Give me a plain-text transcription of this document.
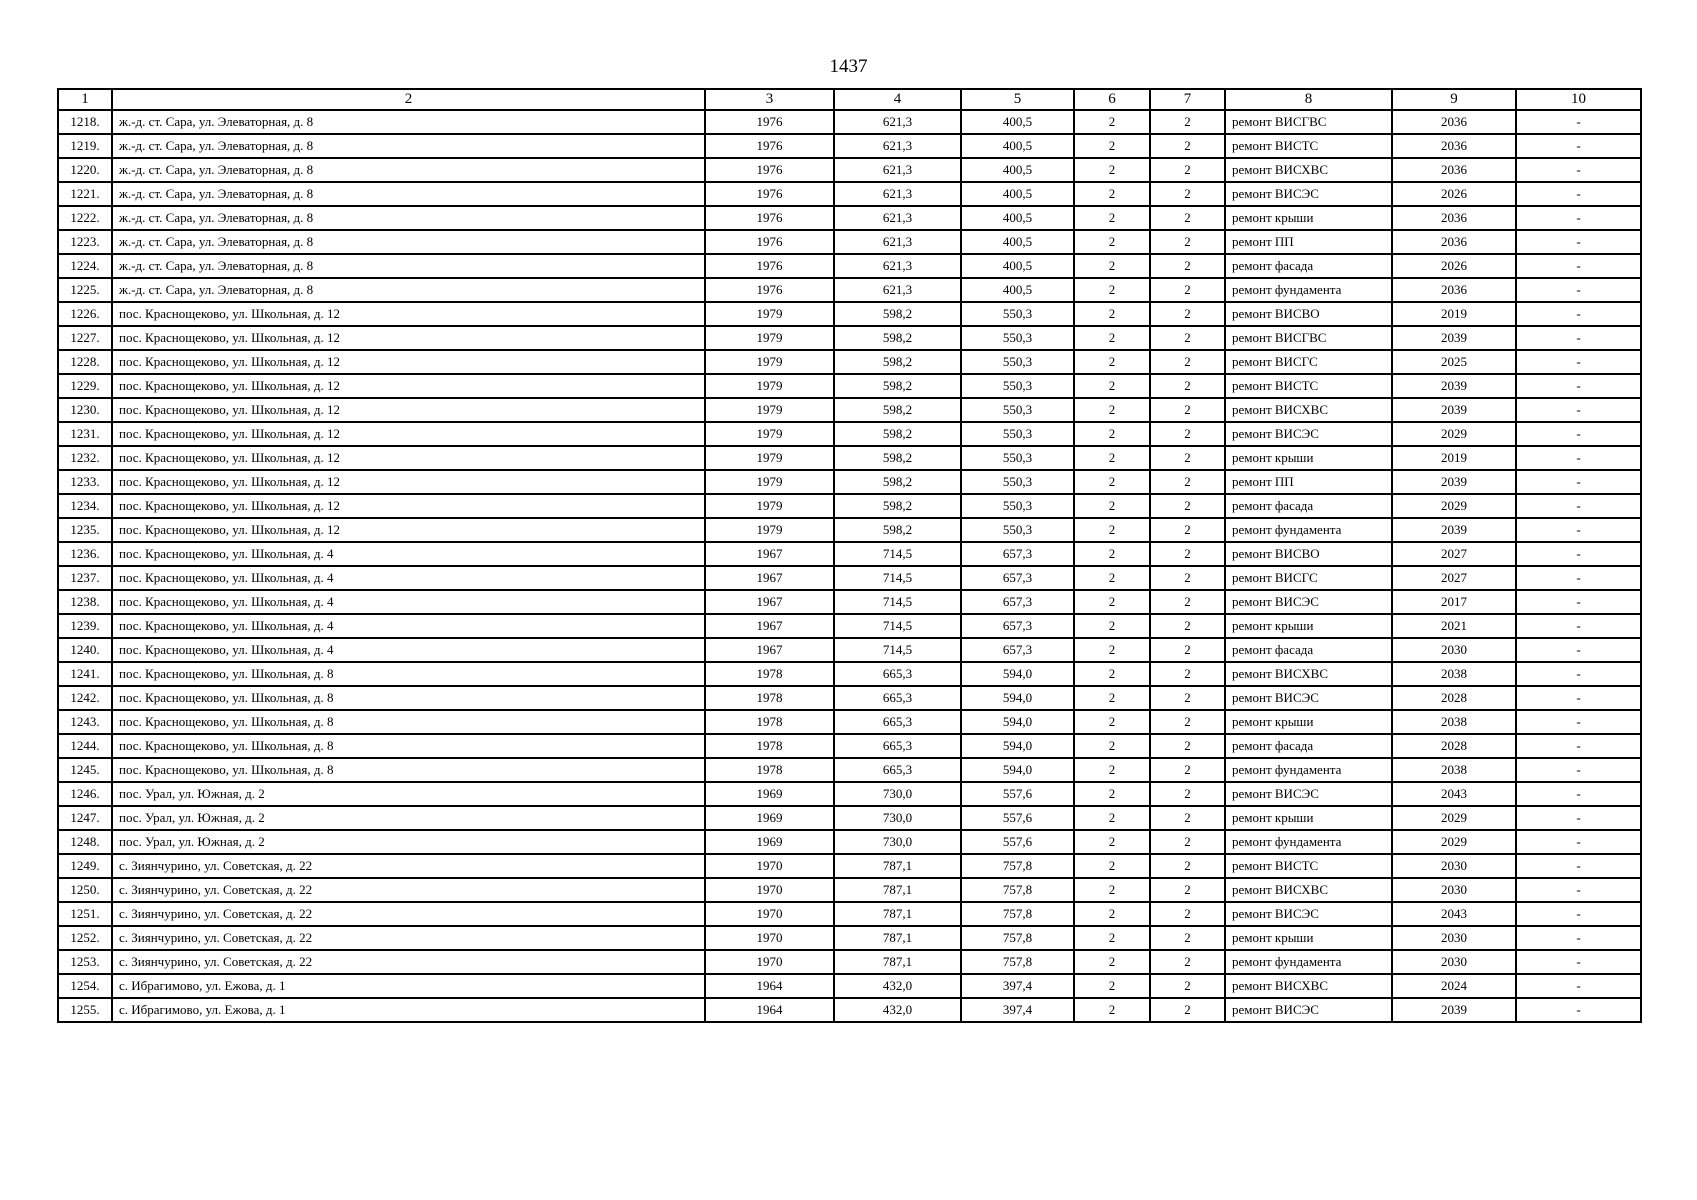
1437
1	2	3	4	5	6	7	8	9	10
1218.	ж.-д. ст. Сара, ул. Элеваторная, д. 8	1976	621,3	400,5	2	2	ремонт ВИСГВС	2036	-
1219.	ж.-д. ст. Сара, ул. Элеваторная, д. 8	1976	621,3	400,5	2	2	ремонт ВИСТС	2036	-
1220.	ж.-д. ст. Сара, ул. Элеваторная, д. 8	1976	621,3	400,5	2	2	ремонт ВИСХВС	2036	-
1221.	ж.-д. ст. Сара, ул. Элеваторная, д. 8	1976	621,3	400,5	2	2	ремонт ВИСЭС	2026	-
1222.	ж.-д. ст. Сара, ул. Элеваторная, д. 8	1976	621,3	400,5	2	2	ремонт крыши	2036	-
1223.	ж.-д. ст. Сара, ул. Элеваторная, д. 8	1976	621,3	400,5	2	2	ремонт ПП	2036	-
1224.	ж.-д. ст. Сара, ул. Элеваторная, д. 8	1976	621,3	400,5	2	2	ремонт фасада	2026	-
1225.	ж.-д. ст. Сара, ул. Элеваторная, д. 8	1976	621,3	400,5	2	2	ремонт фундамента	2036	-
1226.	пос. Краснощеково, ул. Школьная, д. 12	1979	598,2	550,3	2	2	ремонт ВИСВО	2019	-
1227.	пос. Краснощеково, ул. Школьная, д. 12	1979	598,2	550,3	2	2	ремонт ВИСГВС	2039	-
1228.	пос. Краснощеково, ул. Школьная, д. 12	1979	598,2	550,3	2	2	ремонт ВИСГС	2025	-
1229.	пос. Краснощеково, ул. Школьная, д. 12	1979	598,2	550,3	2	2	ремонт ВИСТС	2039	-
1230.	пос. Краснощеково, ул. Школьная, д. 12	1979	598,2	550,3	2	2	ремонт ВИСХВС	2039	-
1231.	пос. Краснощеково, ул. Школьная, д. 12	1979	598,2	550,3	2	2	ремонт ВИСЭС	2029	-
1232.	пос. Краснощеково, ул. Школьная, д. 12	1979	598,2	550,3	2	2	ремонт крыши	2019	-
1233.	пос. Краснощеково, ул. Школьная, д. 12	1979	598,2	550,3	2	2	ремонт ПП	2039	-
1234.	пос. Краснощеково, ул. Школьная, д. 12	1979	598,2	550,3	2	2	ремонт фасада	2029	-
1235.	пос. Краснощеково, ул. Школьная, д. 12	1979	598,2	550,3	2	2	ремонт фундамента	2039	-
1236.	пос. Краснощеково, ул. Школьная, д. 4	1967	714,5	657,3	2	2	ремонт ВИСВО	2027	-
1237.	пос. Краснощеково, ул. Школьная, д. 4	1967	714,5	657,3	2	2	ремонт ВИСГС	2027	-
1238.	пос. Краснощеково, ул. Школьная, д. 4	1967	714,5	657,3	2	2	ремонт ВИСЭС	2017	-
1239.	пос. Краснощеково, ул. Школьная, д. 4	1967	714,5	657,3	2	2	ремонт крыши	2021	-
1240.	пос. Краснощеково, ул. Школьная, д. 4	1967	714,5	657,3	2	2	ремонт фасада	2030	-
1241.	пос. Краснощеково, ул. Школьная, д. 8	1978	665,3	594,0	2	2	ремонт ВИСХВС	2038	-
1242.	пос. Краснощеково, ул. Школьная, д. 8	1978	665,3	594,0	2	2	ремонт ВИСЭС	2028	-
1243.	пос. Краснощеково, ул. Школьная, д. 8	1978	665,3	594,0	2	2	ремонт крыши	2038	-
1244.	пос. Краснощеково, ул. Школьная, д. 8	1978	665,3	594,0	2	2	ремонт фасада	2028	-
1245.	пос. Краснощеково, ул. Школьная, д. 8	1978	665,3	594,0	2	2	ремонт фундамента	2038	-
1246.	пос. Урал, ул. Южная, д. 2	1969	730,0	557,6	2	2	ремонт ВИСЭС	2043	-
1247.	пос. Урал, ул. Южная, д. 2	1969	730,0	557,6	2	2	ремонт крыши	2029	-
1248.	пос. Урал, ул. Южная, д. 2	1969	730,0	557,6	2	2	ремонт фундамента	2029	-
1249.	с. Зиянчурино, ул. Советская, д. 22	1970	787,1	757,8	2	2	ремонт ВИСТС	2030	-
1250.	с. Зиянчурино, ул. Советская, д. 22	1970	787,1	757,8	2	2	ремонт ВИСХВС	2030	-
1251.	с. Зиянчурино, ул. Советская, д. 22	1970	787,1	757,8	2	2	ремонт ВИСЭС	2043	-
1252.	с. Зиянчурино, ул. Советская, д. 22	1970	787,1	757,8	2	2	ремонт крыши	2030	-
1253.	с. Зиянчурино, ул. Советская, д. 22	1970	787,1	757,8	2	2	ремонт фундамента	2030	-
1254.	с. Ибрагимово, ул. Ежова, д. 1	1964	432,0	397,4	2	2	ремонт ВИСХВС	2024	-
1255.	с. Ибрагимово, ул. Ежова, д. 1	1964	432,0	397,4	2	2	ремонт ВИСЭС	2039	-
